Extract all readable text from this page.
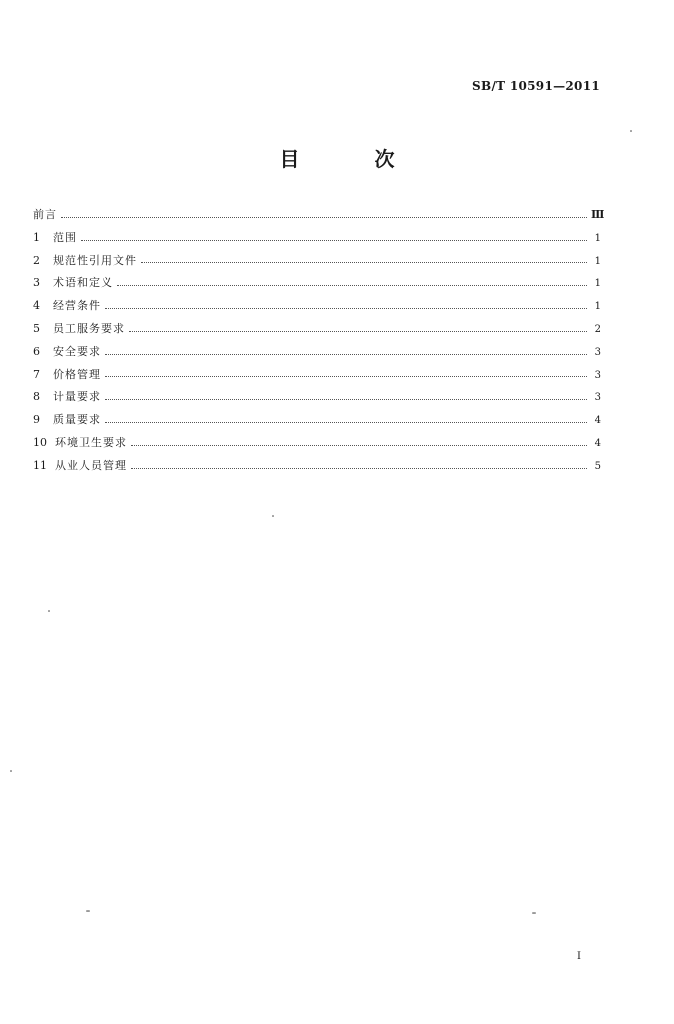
SB/T 10591—2011
目 次
前言	Ⅲ
1	范围	1
2	规范性引用文件	1
3	术语和定义	1
4	经营条件	1
5	员工服务要求	2
6	安全要求	3
7	价格管理	3
8	计量要求	3
9	质量要求	4
10 环境卫生要求	4
11 从业人员管理	5
I
